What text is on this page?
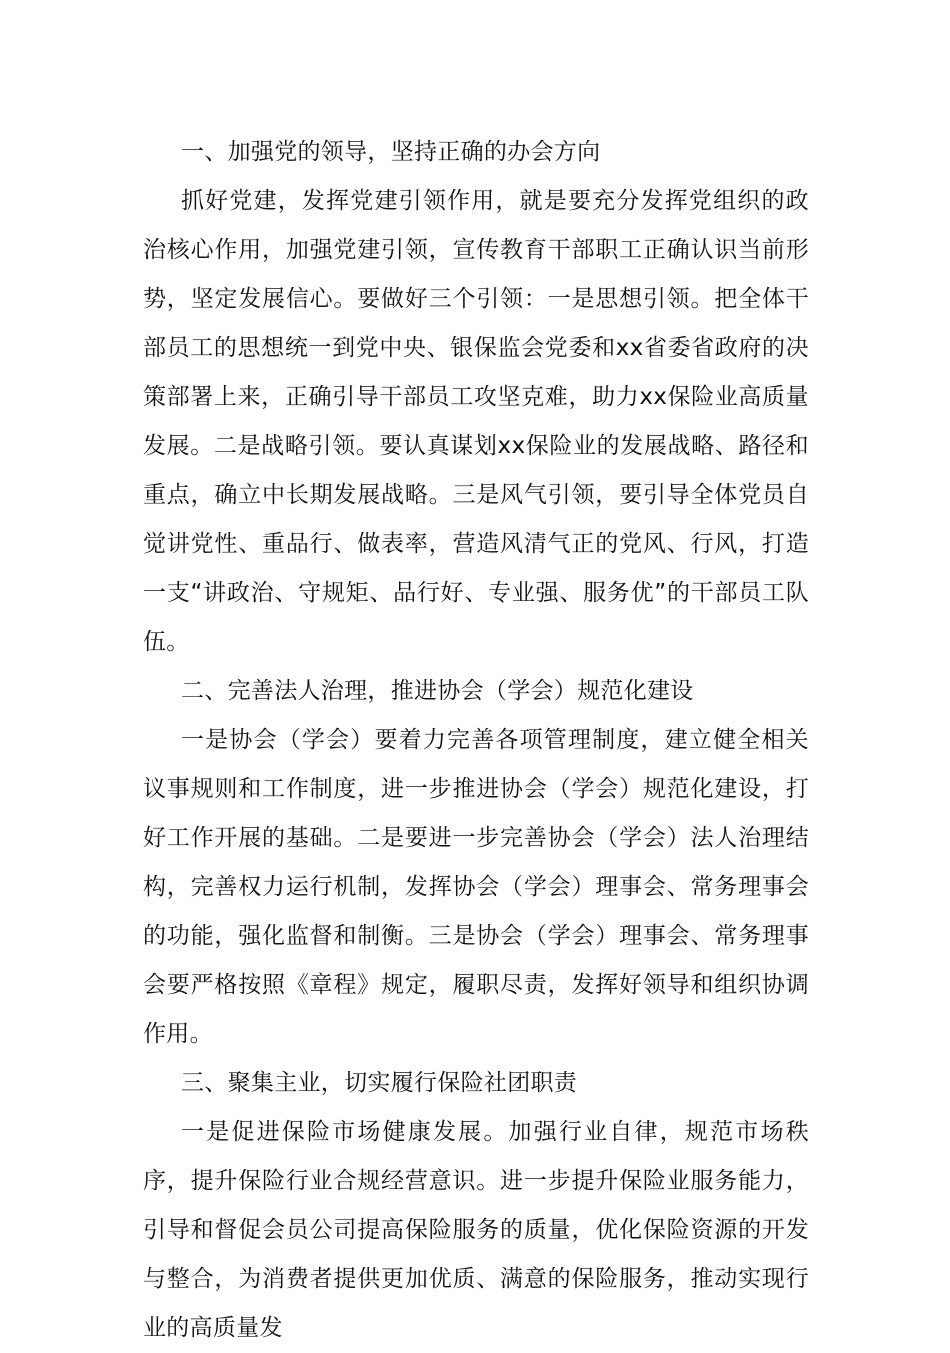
一、加强党的领导，坚持正确的办会方向

抓好党建，发挥党建引领作用，就是要充分发挥党组织的政治核心作用，加强党建引领，宣传教育干部职工正确认识当前形势，坚定发展信心。要做好三个引领：一是思想引领。把全体干部员工的思想统一到党中央、银保监会党委和xx省委省政府的决策部署上来，正确引导干部员工攻坚克难，助力xx保险业高质量发展。二是战略引领。要认真谋划xx保险业的发展战略、路径和重点，确立中长期发展战略。三是风气引领，要引导全体党员自觉讲党性、重品行、做表率，营造风清气正的党风、行风，打造一支“讲政治、守规矩、品行好、专业强、服务优”的干部员工队伍。

二、完善法人治理，推进协会（学会）规范化建设

一是协会（学会）要着力完善各项管理制度，建立健全相关议事规则和工作制度，进一步推进协会（学会）规范化建设，打好工作开展的基础。二是要进一步完善协会（学会）法人治理结构，完善权力运行机制，发挥协会（学会）理事会、常务理事会的功能，强化监督和制衡。三是协会（学会）理事会、常务理事会要严格按照《章程》规定，履职尽责，发挥好领导和组织协调作用。

三、聚集主业，切实履行保险社团职责

一是促进保险市场健康发展。加强行业自律，规范市场秩序，提升保险行业合规经营意识。进一步提升保险业服务能力，引导和督促会员公司提高保险服务的质量，优化保险资源的开发与整合，为消费者提供更加优质、满意的保险服务，推动实现行业的高质量发
